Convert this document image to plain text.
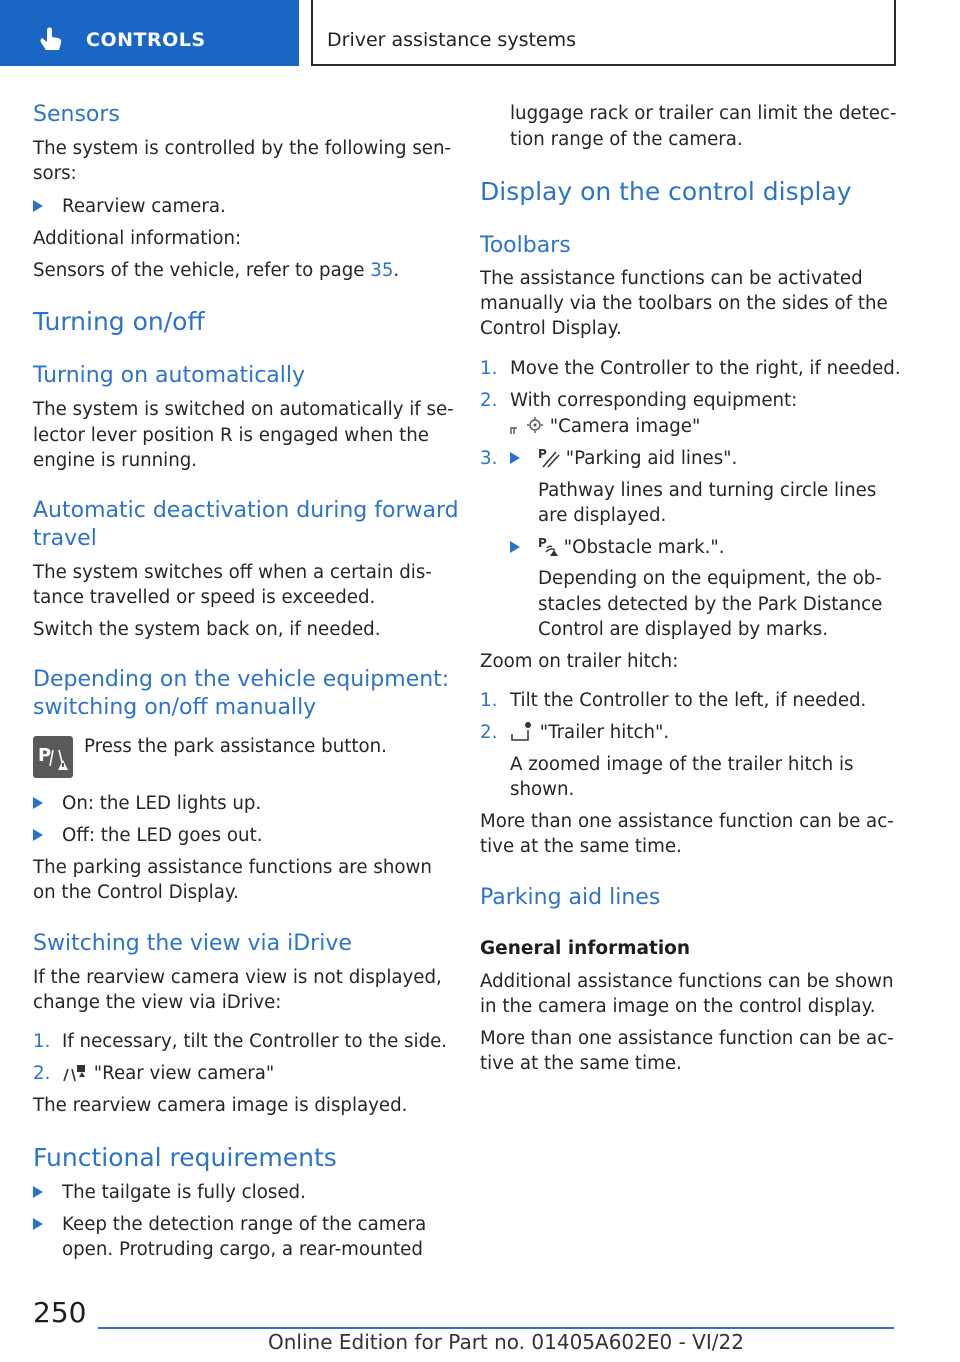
CONTROLS	Driver assistance systems
Sensors
The system is controlled by the following sen‐
sors:
Rearview camera.
Additional information:
Sensors of the vehicle, refer to page 35.
Turning on/off
Turning on automatically
The system is switched on automatically if se‐
lector lever position R is engaged when the
engine is running.
Automatic deactivation during forward
travel
The system switches off when a certain dis‐
tance travelled or speed is exceeded.
Switch the system back on, if needed.
Depending on the vehicle equipment:
switching on/off manually
P Press the park assistance button.
On: the LED lights up.
Off: the LED goes out.
The parking assistance functions are shown
on the Control Display.
Switching the view via iDrive
If the rearview camera view is not displayed,
change the view via iDrive:
1. If necessary, tilt the Controller to the side.
2.	"Rear view camera"
The rearview camera image is displayed.
Functional requirements
The tailgate is fully closed.
Keep the detection range of the camera
open. Protruding cargo, a rear-mounted
luggage rack or trailer can limit the detec‐
tion range of the camera.
Display on the control display
Toolbars
The assistance functions can be activated
manually via the toolbars on the sides of the
Control Display.
1. Move the Controller to the right, if needed.
2. With corresponding equipment:
"Camera image"
3.	P "Parking aid lines".
Pathway lines and turning circle lines
are displayed.
P "Obstacle mark.".
Depending on the equipment, the ob‐
stacles detected by the Park Distance
Control are displayed by marks.
Zoom on trailer hitch:
1. Tilt the Controller to the left, if needed.
2.	"Trailer hitch".
A zoomed image of the trailer hitch is
shown.
More than one assistance function can be ac‐
tive at the same time.
Parking aid lines
General information
Additional assistance functions can be shown
in the camera image on the control display.
More than one assistance function can be ac‐
tive at the same time.
250
Online Edition for Part no. 01405A602E0 - VI/22
